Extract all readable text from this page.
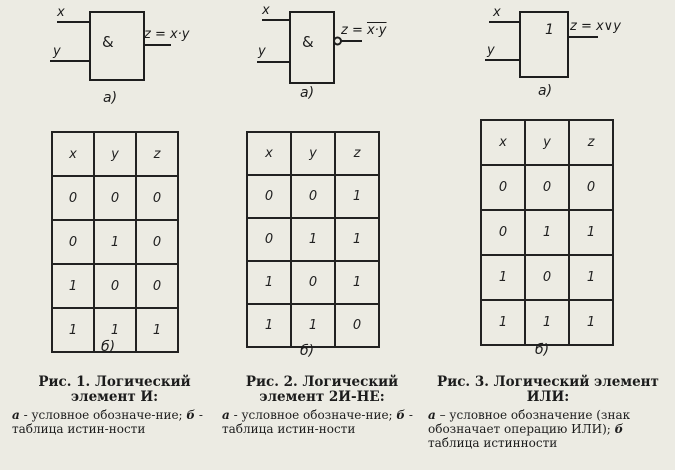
x
y
& z = x·y
а)
x
y
&
z = x·y
а)
x
y
1 z = x∨y
а)
x	y	z
0	0	0
0	1	0
1	0	0
1	1	1
б)
x	y	z
0	0	1
0	1	1
1	0	1
1	1	0
б)
x	y	z
0	0	0
0	1	1
1	0	1
1	1	1
б)
Рис. 1. Логический элемент И:
а - условное обозначе-ние; б - таблица истин-ности
Рис. 2. Логический элемент 2И-НЕ:
а - условное обозначе-ние; б - таблица истин-ности
Рис. 3. Логический элемент ИЛИ:
а – условное обозначение (знак обозначает операцию ИЛИ); б таблица истинности
